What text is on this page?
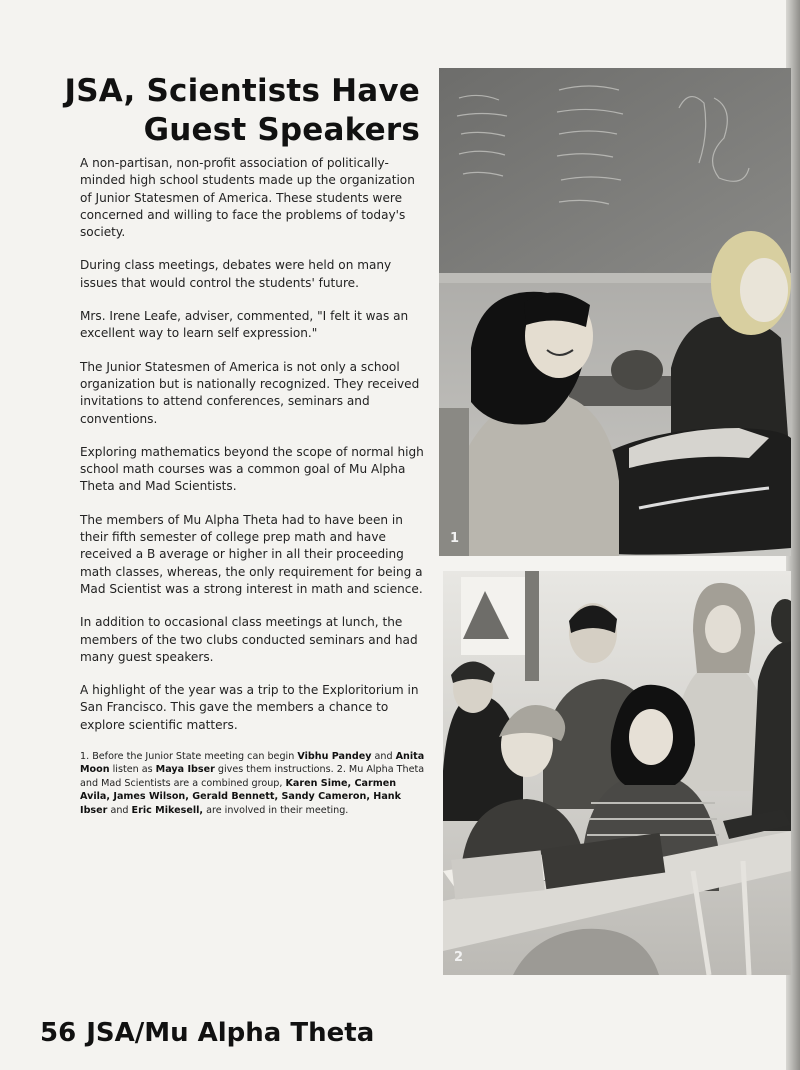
JSA, Scientists Have
Guest Speakers

A non-partisan, non-profit association of politically-minded high school students made up the organization of Junior Statesmen of America. These students were concerned and willing to face the problems of today's society.

During class meetings, debates were held on many issues that would control the students' future.

Mrs. Irene Leafe, adviser, commented, "I felt it was an excellent way to learn self expression."

The Junior Statesmen of America is not only a school organization but is nationally recognized. They received invitations to attend conferences, seminars and conventions.

Exploring mathematics beyond the scope of normal high school math courses was a common goal of Mu Alpha Theta and Mad Scientists.

The members of Mu Alpha Theta had to have been in their fifth semester of college prep math and have received a B average or higher in all their proceeding math classes, whereas, the only requirement for being a Mad Scientist was a strong interest in math and science.

In addition to occasional class meetings at lunch, the members of the two clubs conducted seminars and had many guest speakers.

A highlight of the year was a trip to the Exploritorium in San Francisco. This gave the members a chance to explore scientific matters.

1. Before the Junior State meeting can begin Vibhu Pandey and Anita Moon listen as Maya Ibser gives them instructions. 2. Mu Alpha Theta and Mad Scientists are a combined group, Karen Sime, Carmen Avila, James Wilson, Gerald Bennett, Sandy Cameron, Hank Ibser and Eric Mikesell, are involved in their meeting.
1
2
56 JSA/Mu Alpha Theta
